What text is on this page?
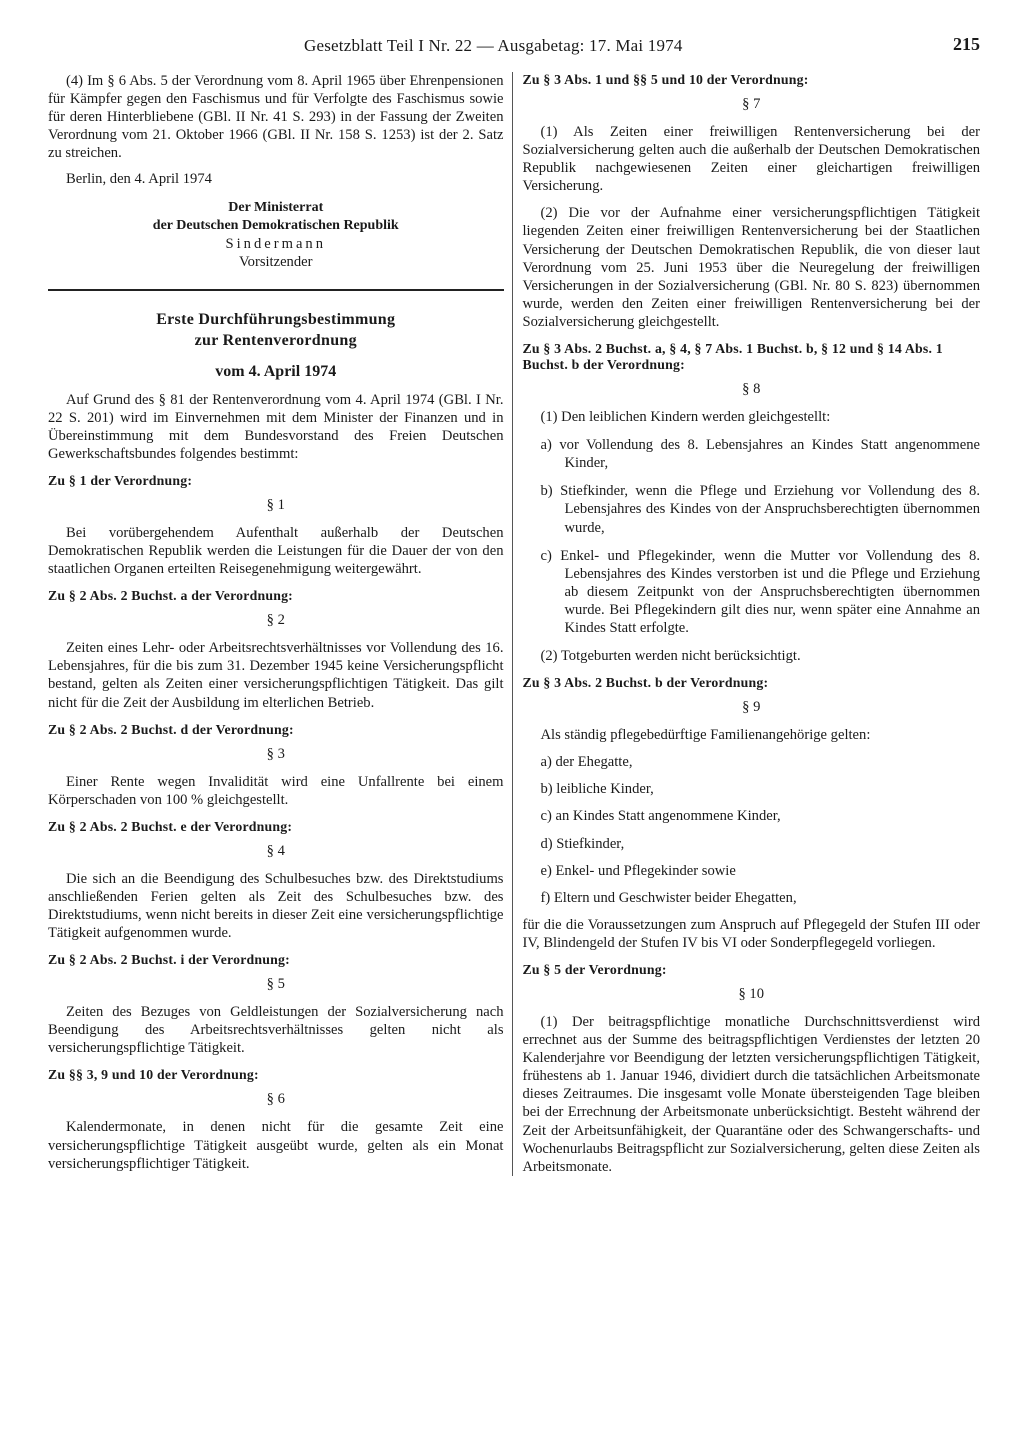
Gesetzblatt Teil I Nr. 22 — Ausgabetag: 17. Mai 1974	215

(4) Im § 6 Abs. 5 der Verordnung vom 8. April 1965 über Ehrenpensionen für Kämpfer gegen den Faschismus und für Verfolgte des Faschismus sowie für deren Hinterbliebene (GBl. II Nr. 41 S. 293) in der Fassung der Zweiten Verordnung vom 21. Oktober 1966 (GBl. II Nr. 158 S. 1253) ist der 2. Satz zu streichen.

Berlin, den 4. April 1974

Der Ministerrat
der Deutschen Demokratischen Republik
Sindermann
Vorsitzender
Erste Durchführungsbestimmung
zur Rentenverordnung
vom 4. April 1974

Auf Grund des § 81 der Rentenverordnung vom 4. April 1974 (GBl. I Nr. 22 S. 201) wird im Einvernehmen mit dem Minister der Finanzen und in Übereinstimmung mit dem Bundesvorstand des Freien Deutschen Gewerkschaftsbundes folgendes bestimmt:

Zu § 1 der Verordnung:
§ 1

Bei vorübergehendem Aufenthalt außerhalb der Deutschen Demokratischen Republik werden die Leistungen für die Dauer der von den staatlichen Organen erteilten Reisegenehmigung weitergewährt.

Zu § 2 Abs. 2 Buchst. a der Verordnung:
§ 2

Zeiten eines Lehr- oder Arbeitsrechtsverhältnisses vor Vollendung des 16. Lebensjahres, für die bis zum 31. Dezember 1945 keine Versicherungspflicht bestand, gelten als Zeiten einer versicherungspflichtigen Tätigkeit. Das gilt nicht für die Zeit der Ausbildung im elterlichen Betrieb.

Zu § 2 Abs. 2 Buchst. d der Verordnung:
§ 3

Einer Rente wegen Invalidität wird eine Unfallrente bei einem Körperschaden von 100 % gleichgestellt.

Zu § 2 Abs. 2 Buchst. e der Verordnung:
§ 4

Die sich an die Beendigung des Schulbesuches bzw. des Direktstudiums anschließenden Ferien gelten als Zeit des Schulbesuches bzw. des Direktstudiums, wenn nicht bereits in dieser Zeit eine versicherungspflichtige Tätigkeit aufgenommen wurde.

Zu § 2 Abs. 2 Buchst. i der Verordnung:
§ 5

Zeiten des Bezuges von Geldleistungen der Sozialversicherung nach Beendigung des Arbeitsrechtsverhältnisses gelten nicht als versicherungspflichtige Tätigkeit.

Zu §§ 3, 9 und 10 der Verordnung:
§ 6

Kalendermonate, in denen nicht für die gesamte Zeit eine versicherungspflichtige Tätigkeit ausgeübt wurde, gelten als ein Monat versicherungspflichtiger Tätigkeit.

Zu § 3 Abs. 1 und §§ 5 und 10 der Verordnung:
§ 7

(1) Als Zeiten einer freiwilligen Rentenversicherung bei der Sozialversicherung gelten auch die außerhalb der Deutschen Demokratischen Republik nachgewiesenen Zeiten einer gleichartigen freiwilligen Versicherung.

(2) Die vor der Aufnahme einer versicherungspflichtigen Tätigkeit liegenden Zeiten einer freiwilligen Rentenversicherung bei der Staatlichen Versicherung der Deutschen Demokratischen Republik, die von dieser laut Verordnung vom 25. Juni 1953 über die Neuregelung der freiwilligen Versicherungen in der Sozialversicherung (GBl. Nr. 80 S. 823) übernommen wurde, werden den Zeiten einer freiwilligen Rentenversicherung bei der Sozialversicherung gleichgestellt.

Zu § 3 Abs. 2 Buchst. a, § 4, § 7 Abs. 1 Buchst. b, § 12 und § 14 Abs. 1 Buchst. b der Verordnung:
§ 8

(1) Den leiblichen Kindern werden gleichgestellt:

a) vor Vollendung des 8. Lebensjahres an Kindes Statt angenommene Kinder,
b) Stiefkinder, wenn die Pflege und Erziehung vor Vollendung des 8. Lebensjahres des Kindes von der Anspruchsberechtigten übernommen wurde,
c) Enkel- und Pflegekinder, wenn die Mutter vor Vollendung des 8. Lebensjahres des Kindes verstorben ist und die Pflege und Erziehung ab diesem Zeitpunkt von der Anspruchsberechtigten übernommen wurde. Bei Pflegekindern gilt dies nur, wenn später eine Annahme an Kindes Statt erfolgte.

(2) Totgeburten werden nicht berücksichtigt.

Zu § 3 Abs. 2 Buchst. b der Verordnung:
§ 9

Als ständig pflegebedürftige Familienangehörige gelten:

a) der Ehegatte,
b) leibliche Kinder,
c) an Kindes Statt angenommene Kinder,
d) Stiefkinder,
e) Enkel- und Pflegekinder sowie
f) Eltern und Geschwister beider Ehegatten,

für die die Voraussetzungen zum Anspruch auf Pflegegeld der Stufen III oder IV, Blindengeld der Stufen IV bis VI oder Sonderpflegegeld vorliegen.

Zu § 5 der Verordnung:
§ 10

(1) Der beitragspflichtige monatliche Durchschnittsverdienst wird errechnet aus der Summe des beitragspflichtigen Verdienstes der letzten 20 Kalenderjahre vor Beendigung der letzten versicherungspflichtigen Tätigkeit, frühestens ab 1. Januar 1946, dividiert durch die tatsächlichen Arbeitsmonate dieses Zeitraumes. Die insgesamt volle Monate übersteigenden Tage bleiben bei der Errechnung der Arbeitsmonate unberücksichtigt. Besteht während der Zeit der Arbeitsunfähigkeit, der Quarantäne oder des Schwangerschafts- und Wochenurlaubs Beitragspflicht zur Sozialversicherung, gelten diese Zeiten als Arbeitsmonate.
